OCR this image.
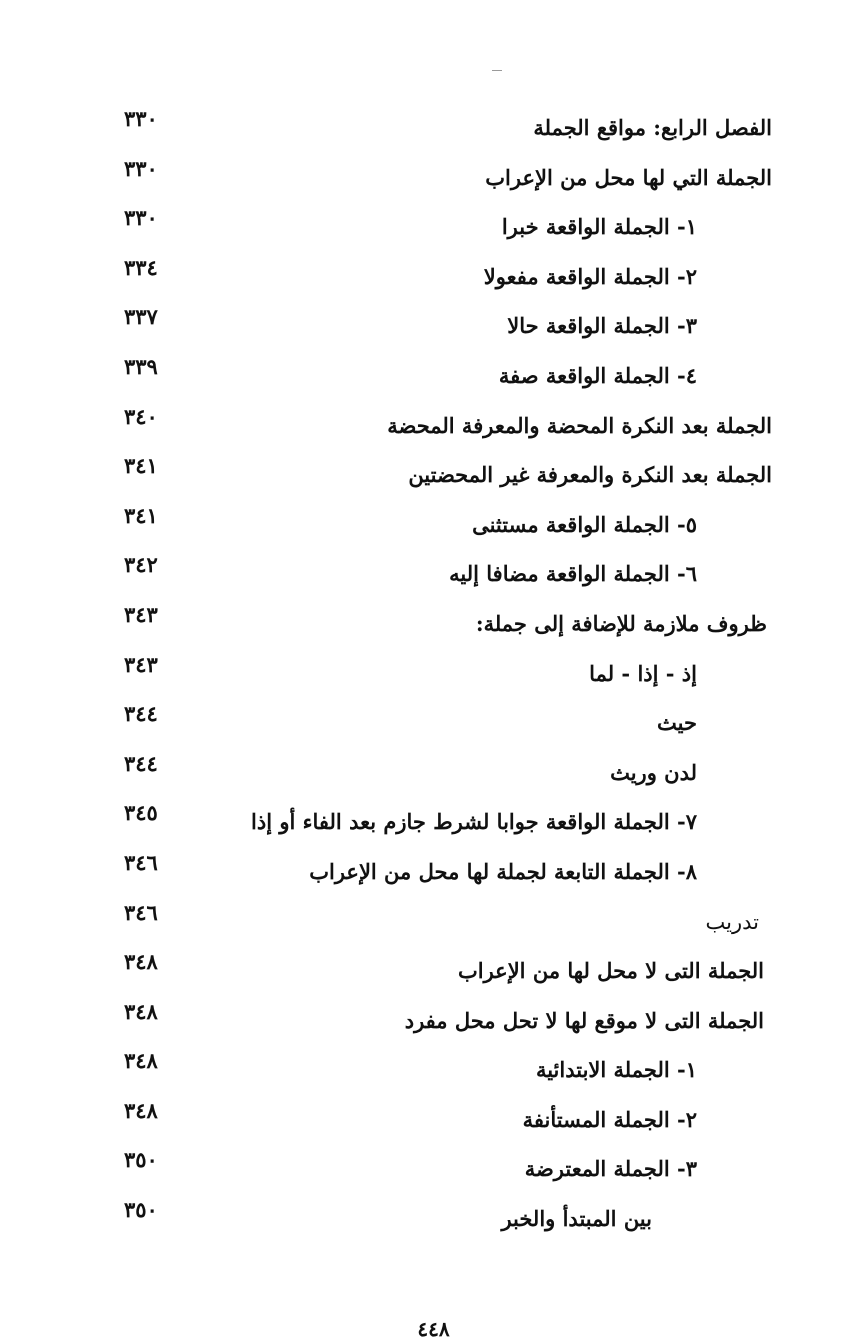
الفصل الرابع: مواقع الجملة
٣٣٠
الجملة التي لها محل من الإعراب
٣٣٠
١- الجملة الواقعة خبرا
٣٣٠
٢- الجملة الواقعة مفعولا
٣٣٤
٣- الجملة الواقعة حالا
٣٣٧
٤- الجملة الواقعة صفة
٣٣٩
الجملة بعد النكرة المحضة والمعرفة المحضة
٣٤٠
الجملة بعد النكرة والمعرفة غير المحضتين
٣٤١
٥- الجملة الواقعة مستثنى
٣٤١
٦- الجملة الواقعة مضافا إليه
٣٤٢
ظروف ملازمة للإضافة إلى جملة:
٣٤٣
إذ - إذا - لما
٣٤٣
حيث
٣٤٤
لدن وريث
٣٤٤
٧- الجملة الواقعة جوابا لشرط جازم بعد الفاء أو إذا
٣٤٥
٨- الجملة التابعة لجملة لها محل من الإعراب
٣٤٦
تدريب
٣٤٦
الجملة التى لا محل لها من الإعراب
٣٤٨
الجملة التى لا موقع لها لا تحل محل مفرد
٣٤٨
١- الجملة الابتدائية
٣٤٨
٢- الجملة المستأنفة
٣٤٨
٣- الجملة المعترضة
٣٥٠
بين المبتدأ والخبر
٣٥٠
٤٤٨
